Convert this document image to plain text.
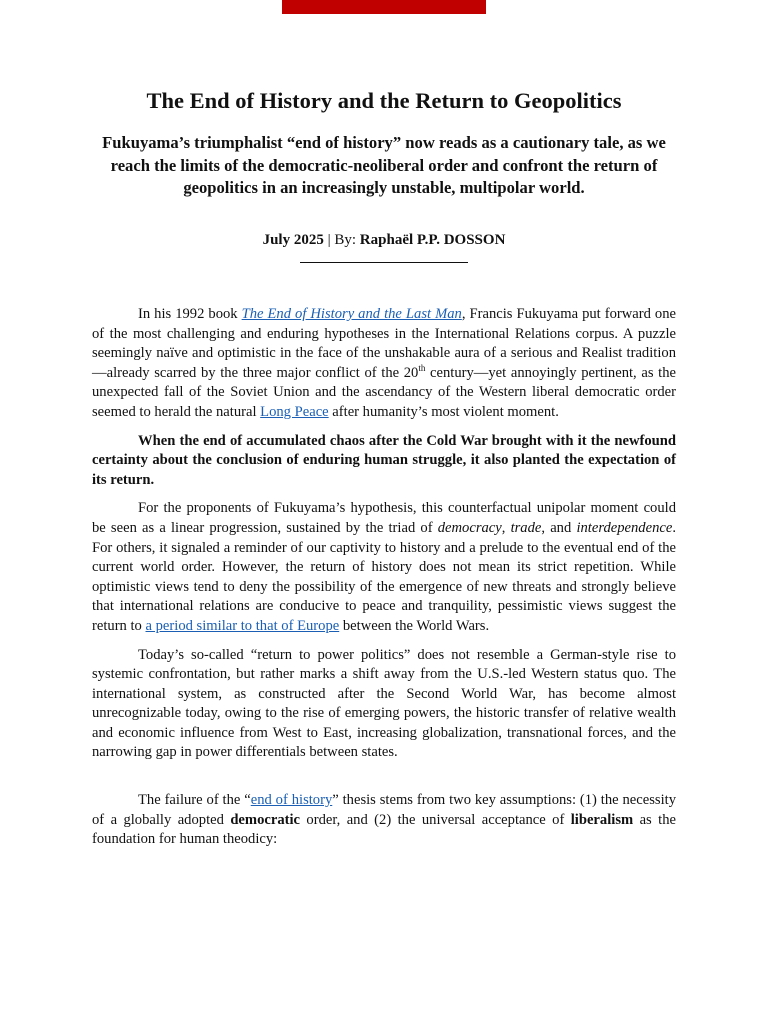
The End of History and the Return to Geopolitics
Fukuyama’s triumphalist “end of history” now reads as a cautionary tale, as we reach the limits of the democratic-neoliberal order and confront the return of geopolitics in an increasingly unstable, multipolar world.

July 2025 | By: Raphaël P.P. DOSSON

In his 1992 book The End of History and the Last Man, Francis Fukuyama put forward one of the most challenging and enduring hypotheses in the International Relations corpus. A puzzle seemingly naïve and optimistic in the face of the unshakable aura of a serious and Realist tradition—already scarred by the three major conflict of the 20th century—yet annoyingly pertinent, as the unexpected fall of the Soviet Union and the ascendancy of the Western liberal democratic order seemed to herald the natural Long Peace after humanity’s most violent moment.

When the end of accumulated chaos after the Cold War brought with it the newfound certainty about the conclusion of enduring human struggle, it also planted the expectation of its return.

For the proponents of Fukuyama’s hypothesis, this counterfactual unipolar moment could be seen as a linear progression, sustained by the triad of democracy, trade, and interdependence. For others, it signaled a reminder of our captivity to history and a prelude to the eventual end of the current world order. However, the return of history does not mean its strict repetition. While optimistic views tend to deny the possibility of the emergence of new threats and strongly believe that international relations are conducive to peace and tranquility, pessimistic views suggest the return to a period similar to that of Europe between the World Wars.

Today’s so-called “return to power politics” does not resemble a German-style rise to systemic confrontation, but rather marks a shift away from the U.S.-led Western status quo. The international system, as constructed after the Second World War, has become almost unrecognizable today, owing to the rise of emerging powers, the historic transfer of relative wealth and economic influence from West to East, increasing globalization, transnational forces, and the narrowing gap in power differentials between states.

The failure of the “end of history” thesis stems from two key assumptions: (1) the necessity of a globally adopted democratic order, and (2) the universal acceptance of liberalism as the foundation for human theodicy:
